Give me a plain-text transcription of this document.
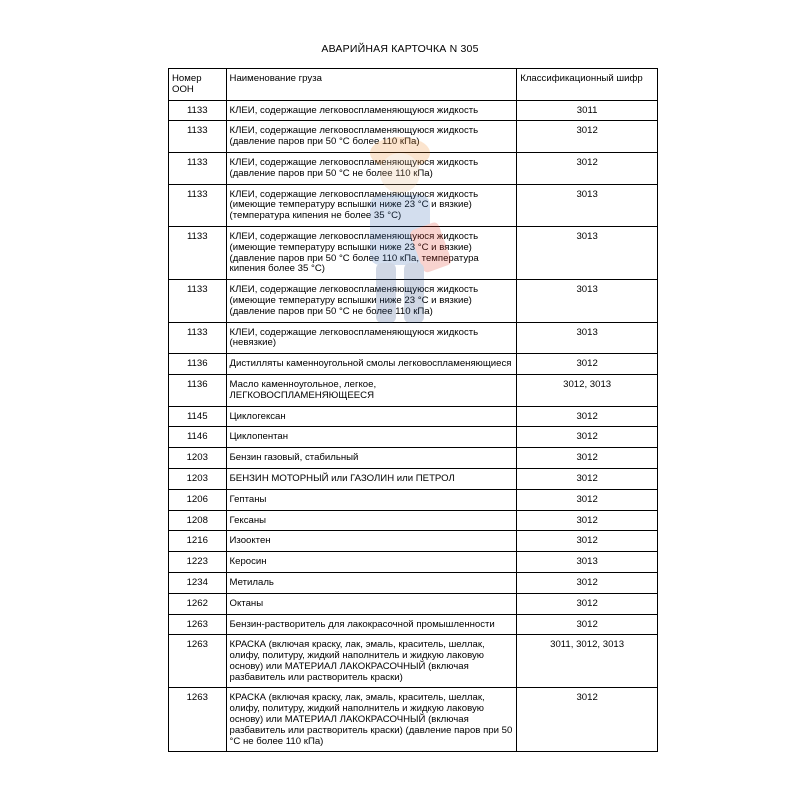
АВАРИЙНАЯ КАРТОЧКА N 305
Номер ООН	Наименование груза	Классификационный шифр
1133	КЛЕИ, содержащие легковоспламеняющуюся жидкость	3011
1133	КЛЕИ, содержащие легковоспламеняющуюся жидкость (давление паров при 50 °С более 110 кПа)	3012
1133	КЛЕИ, содержащие легковоспламеняющуюся жидкость (давление паров при 50 °С не более 110 кПа)	3012
1133	КЛЕИ, содержащие легковоспламеняющуюся жидкость (имеющие температуру вспышки ниже 23 °С и вязкие) (температура кипения не более 35 °С)	3013
1133	КЛЕИ, содержащие легковоспламеняющуюся жидкость (имеющие температуру вспышки ниже 23 °С и вязкие) (давление паров при 50 °С более 110 кПа, температура кипения более 35 °С)	3013
1133	КЛЕИ, содержащие легковоспламеняющуюся жидкость (имеющие температуру вспышки ниже 23 °С и вязкие) (давление паров при 50 °С не более 110 кПа)	3013
1133	КЛЕИ, содержащие легковоспламеняющуюся жидкость (невязкие)	3013
1136	Дистилляты каменноугольной смолы легковоспламеняющиеся	3012
1136	Масло каменноугольное, легкое, ЛЕГКОВОСПЛАМЕНЯЮЩЕЕСЯ	3012, 3013
1145	Циклогексан	3012
1146	Циклопентан	3012
1203	Бензин газовый, стабильный	3012
1203	БЕНЗИН МОТОРНЫЙ или ГАЗОЛИН или ПЕТРОЛ	3012
1206	Гептаны	3012
1208	Гексаны	3012
1216	Изооктен	3012
1223	Керосин	3013
1234	Метилаль	3012
1262	Октаны	3012
1263	Бензин-растворитель для лакокрасочной промышленности	3012
1263	КРАСКА (включая краску, лак, эмаль, краситель, шеллак, олифу, политуру, жидкий наполнитель и жидкую лаковую основу) или МАТЕРИАЛ ЛАКОКРАСОЧНЫЙ (включая разбавитель или растворитель краски)	3011, 3012, 3013
1263	КРАСКА (включая краску, лак, эмаль, краситель, шеллак, олифу, политуру, жидкий наполнитель и жидкую лаковую основу) или МАТЕРИАЛ ЛАКОКРАСОЧНЫЙ (включая разбавитель или растворитель краски) (давление паров при 50 °С не более 110 кПа)	3012
